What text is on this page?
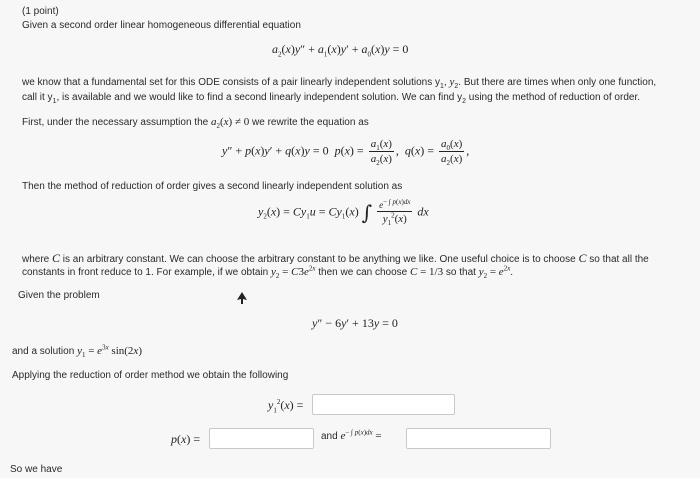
(1 point)
Given a second order linear homogeneous differential equation
$a_2(x)y'' + a_1(x)y' + a_0(x)y = 0$
we know that a fundamental set for this ODE consists of a pair linearly independent solutions $y_1$, $y_2$. But there are times when only one function,
call it $y_1$, is available and we would like to find a second linearly independent solution. We can find $y_2$ using the method of reduction of order.
First, under the necessary assumption the $a_2(x) \ne 0$ we rewrite the equation as
y″ + p(x)y′ + q(x)y = 0  $p(x) = \frac{a_1(x)}{a_2(x)}$ ,  $q(x) = \frac{a_0(x)}{a_2(x)}$ ,
Then the method of reduction of order gives a second linearly independent solution as
$y_2(x) = Cy_1u = Cy_1(x)$ ∫ $\frac{e^{- \int p(x)dx}}{y_1^2(x)}$ dx
where C is an arbitrary constant. We can choose the arbitrary constant to be anything we like. One useful choice is to choose C so that all the
constants in front reduce to 1. For example, if we obtain $y_2 = C3e^{2x}$ then we can choose C = 1/3 so that $y_2 = e^{2x}$.
Given the problem
y″ − 6y′ + 13y = 0
and a solution $y_1 = e^{3x}$ sin(2x)
Applying the reduction of order method we obtain the following
$y_1^2(x)$ =
p(x) =	and $e^{- \int p(x)dx}$ =
So we have
